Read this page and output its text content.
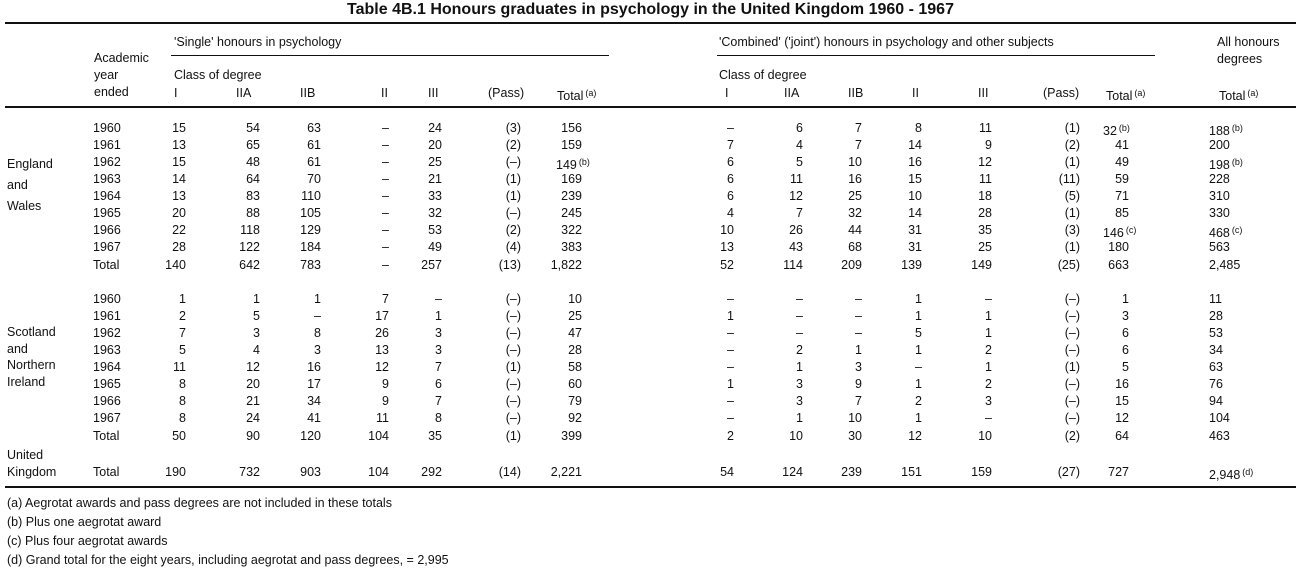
Table 4B.1 Honours graduates in psychology in the United Kingdom 1960 - 1967
Academic
year
ended
'Single' honours in psychology	'Combined' ('joint') honours in psychology and other subjects	All honours
degrees
Class of degree	Class of degree
I	IIA	IIB	II	III	(Pass)	Total $^{(a)}$	I	IIA	IIB	II	III	(Pass) Total $^{(a)}$	Total $^{(a)}$
England
and
Wales
1960	15	54	63	–	24	(3)	156	–	6	7	8	11	(1) 32 $^{(b)}$	188 $^{(b)}$
1961	13	65	61	–	20	(2)	159	7	4	7	14	9	(2)	41	200
1962	15	48	61	–	25	(–)	149 $^{(b)}$	6	5	10	16	12	(1)	49	198 $^{(b)}$
1963	14	64	70	–	21	(1)	169	6	11	16	15	11	(11)	59	228
1964	13	83	110	–	33	(1)	239	6	12	25	10	18	(5)	71	310
1965	20	88	105	–	32	(–)	245	4	7	32	14	28	(1)	85	330
1966	22	118	129	–	53	(2)	322	10	26	44	31	35	(3) 146 $^{(c)}$	468 $^{(c)}$
1967	28	122	184	–	49	(4)	383	13	43	68	31	25	(1) 180	563
Total	140	642	783	–	257	(13) 1,822	52	114	209	139	149	(25) 663	2,485
Scotland
and
Northern
Ireland
1960	1	1	1	7	–	(–)	10	–	–	–	1	–	(–)	1	11
1961	2	5	–	17	1	(–)	25	1	–	–	1	1	(–)	3	28
1962	7	3	8	26	3	(–)	47	–	–	–	5	1	(–)	6	53
1963	5	4	3	13	3	(–)	28	–	2	1	1	2	(–)	6	34
1964	11	12	16	12	7	(1)	58	–	1	3	–	1	(1)	5	63
1965	8	20	17	9	6	(–)	60	1	3	9	1	2	(–)	16	76
1966	8	21	34	9	7	(–)	79	–	3	7	2	3	(–)	15	94
1967	8	24	41	11	8	(–)	92	–	1	10	1	–	(–)	12	104
Total	50	90	120	104	35	(1)	399	2	10	30	12	10	(2)	64	463
United
Kingdom	Total	190	732	903	104	292	(14) 2,221	54	124	239	151	159	(27) 727	2,948 $^{(d)}$
(a) Aegrotat awards and pass degrees are not included in these totals
(b) Plus one aegrotat award
(c) Plus four aegrotat awards
(d) Grand total for the eight years, including aegrotat and pass degrees, = 2,995
